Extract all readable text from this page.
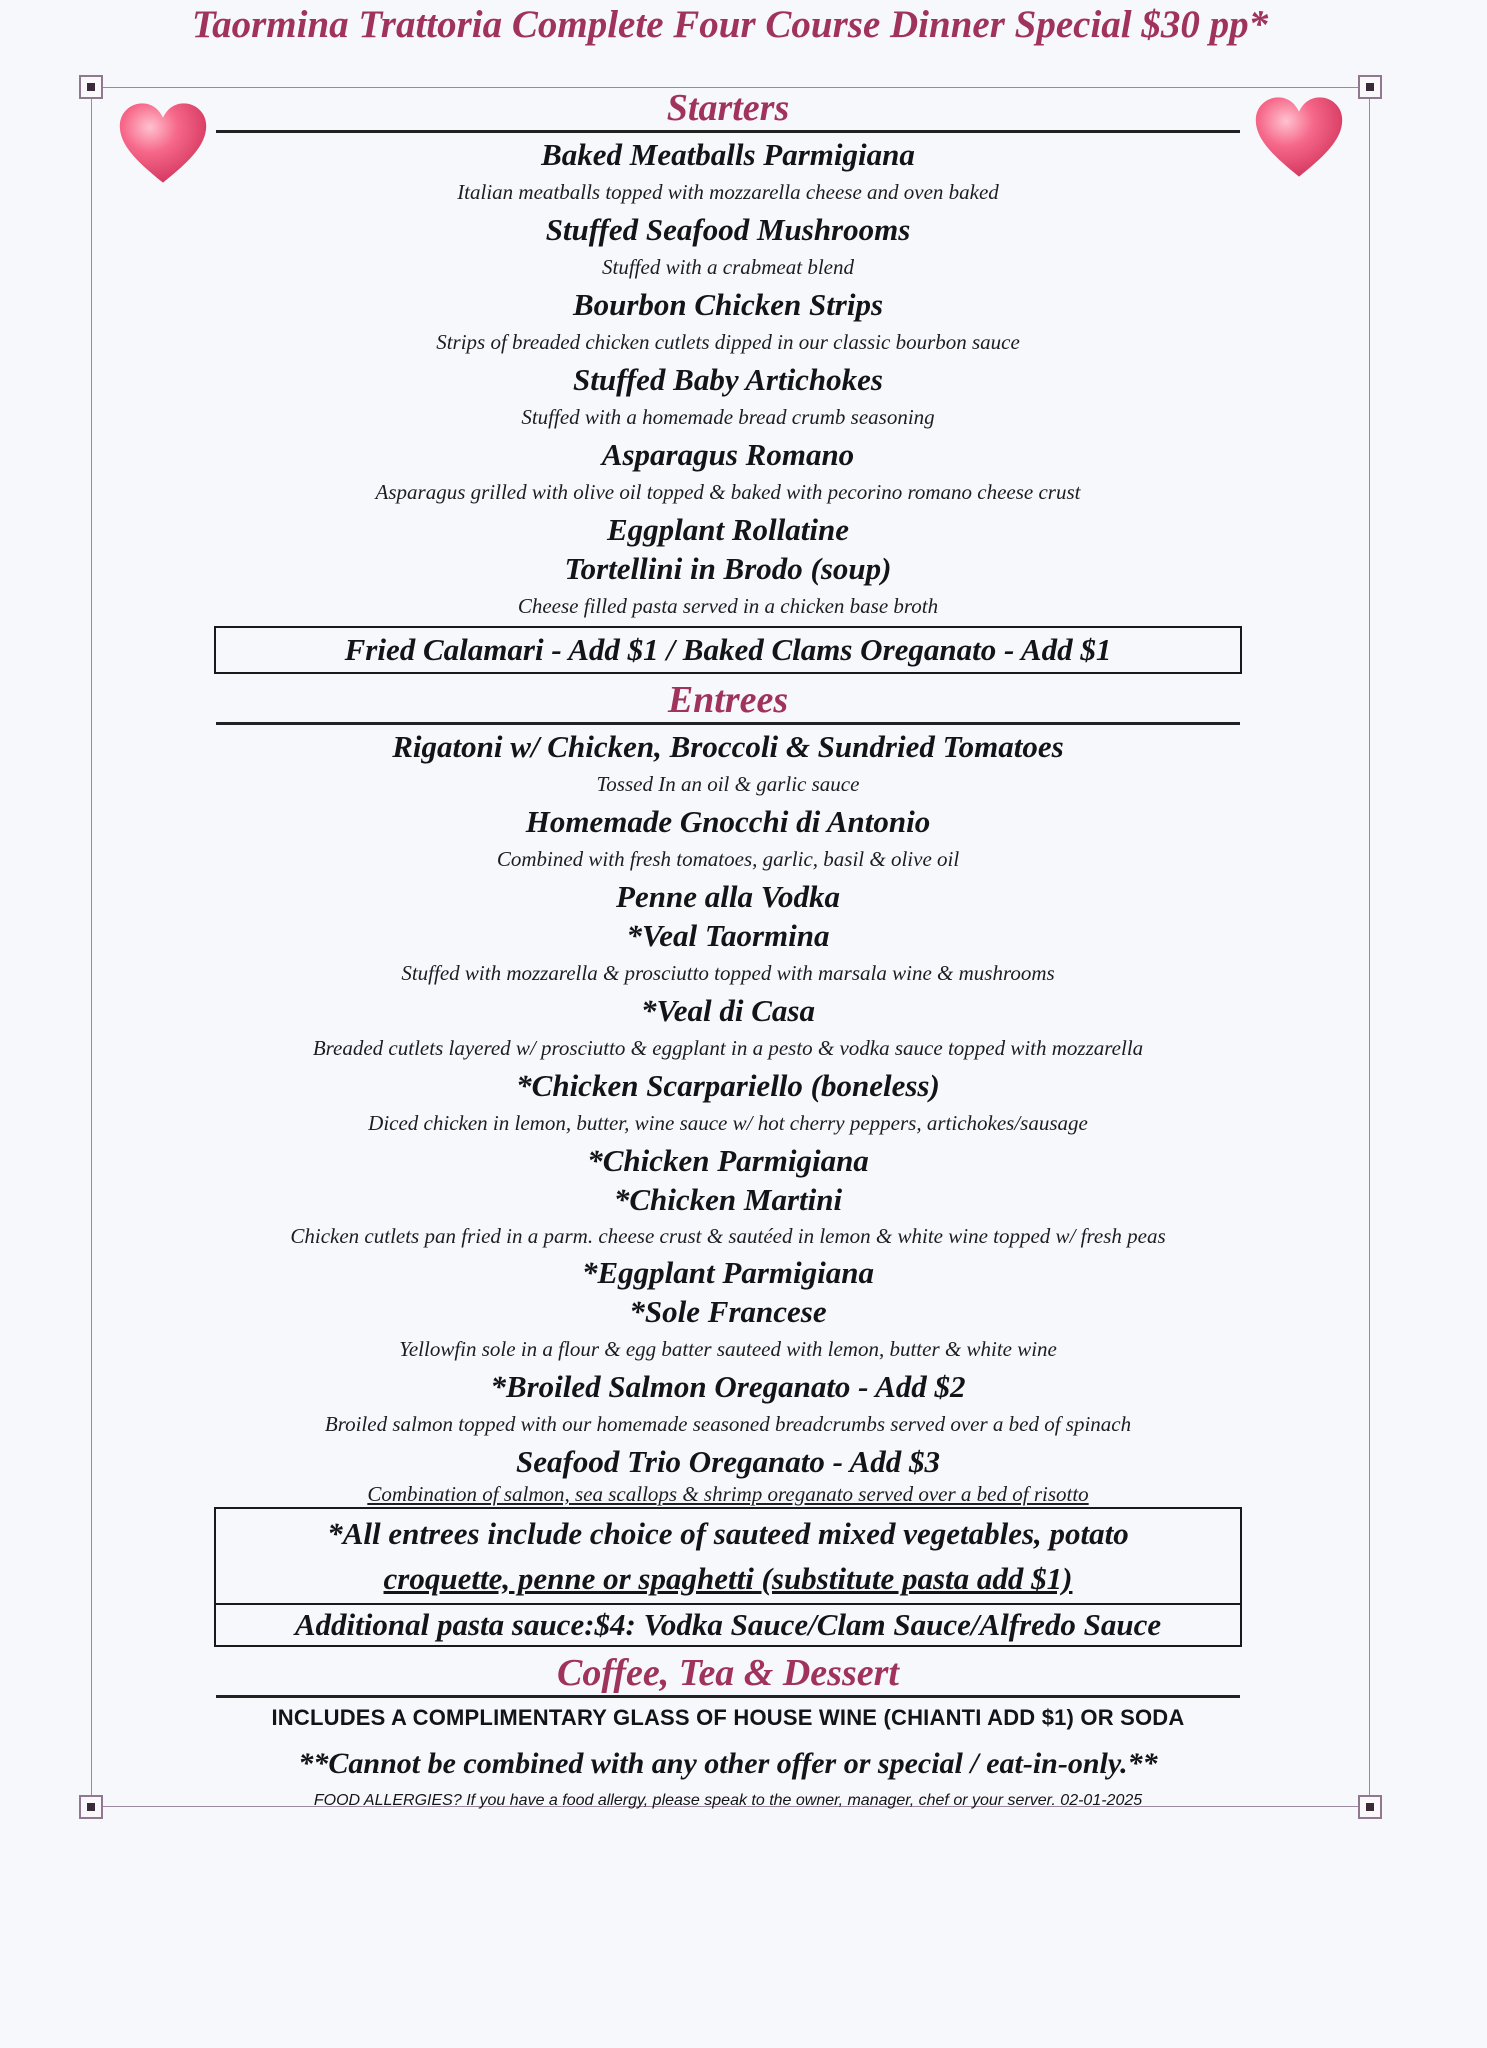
Taormina Trattoria Complete Four Course Dinner Special $30 pp*
Starters
Baked Meatballs Parmigiana
Italian meatballs topped with mozzarella cheese and oven baked
Stuffed Seafood Mushrooms
Stuffed with a crabmeat blend
Bourbon Chicken Strips
Strips of breaded chicken cutlets dipped in our classic bourbon sauce
Stuffed Baby Artichokes
Stuffed with a homemade bread crumb seasoning
Asparagus Romano
Asparagus grilled with olive oil topped & baked with pecorino romano cheese crust
Eggplant Rollatine
Tortellini in Brodo (soup)
Cheese filled pasta served in a chicken base broth
Fried Calamari - Add $1 / Baked Clams Oreganato - Add $1
Entrees
Rigatoni w/ Chicken, Broccoli & Sundried Tomatoes
Tossed In an oil & garlic sauce
Homemade Gnocchi di Antonio
Combined with fresh tomatoes, garlic, basil & olive oil
Penne alla Vodka
*Veal Taormina
Stuffed with mozzarella & prosciutto topped with marsala wine & mushrooms
*Veal di Casa
Breaded cutlets layered w/ prosciutto & eggplant in a pesto & vodka sauce topped with mozzarella
*Chicken Scarpariello (boneless)
Diced chicken in lemon, butter, wine sauce w/ hot cherry peppers, artichokes/sausage
*Chicken Parmigiana
*Chicken Martini
Chicken cutlets pan fried in a parm. cheese crust & sautéed in lemon & white wine topped w/ fresh peas
*Eggplant Parmigiana
*Sole Francese
Yellowfin sole in a flour & egg batter sauteed with lemon, butter & white wine
*Broiled Salmon Oreganato - Add $2
Broiled salmon topped with our homemade seasoned breadcrumbs served over a bed of spinach
Seafood Trio Oreganato - Add $3
Combination of salmon, sea scallops & shrimp oreganato served over a bed of risotto
*All entrees include choice of sauteed mixed vegetables, potato
croquette, penne or spaghetti (substitute pasta add $1)
Additional pasta sauce:$4: Vodka Sauce/Clam Sauce/Alfredo Sauce
Coffee, Tea & Dessert
INCLUDES A COMPLIMENTARY GLASS OF HOUSE WINE (CHIANTI ADD $1) OR SODA
**Cannot be combined with any other offer or special / eat-in-only.**
FOOD ALLERGIES? If you have a food allergy, please speak to the owner, manager, chef or your server. 02-01-2025
